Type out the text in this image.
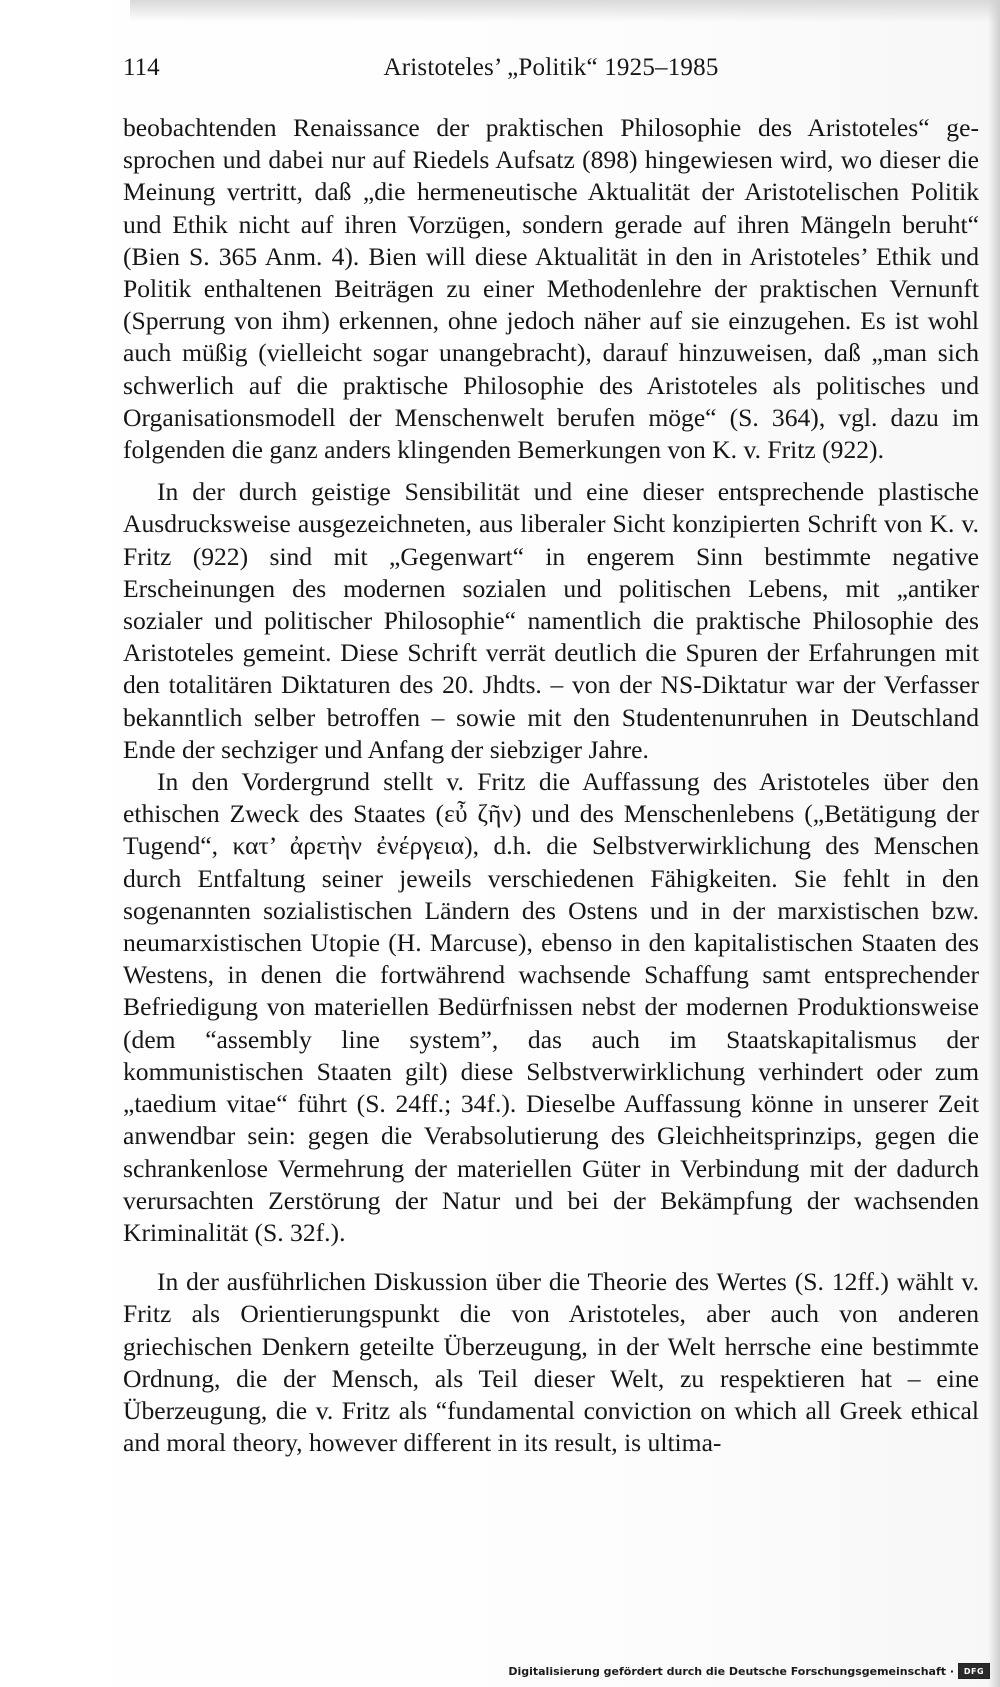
114	Aristoteles’ „Politik“ 1925–1985

beobachtenden Renaissance der praktischen Philosophie des Aristoteles“ gesprochen und dabei nur auf Riedels Aufsatz (898) hingewiesen wird, wo dieser die Meinung vertritt, daß „die hermeneutische Aktualität der Aristotelischen Politik und Ethik nicht auf ihren Vorzügen, sondern gerade auf ihren Mängeln beruht“ (Bien S. 365 Anm. 4). Bien will diese Aktualität in den in Aristoteles’ Ethik und Politik enthaltenen Beiträgen zu einer Methodenlehre der praktischen Vernunft (Sperrung von ihm) erkennen, ohne jedoch näher auf sie einzugehen. Es ist wohl auch müßig (vielleicht sogar unangebracht), darauf hinzuweisen, daß „man sich schwerlich auf die praktische Philosophie des Aristoteles als politisches und Organisationsmodell der Menschenwelt berufen möge“ (S. 364), vgl. dazu im folgenden die ganz anders klingenden Bemerkungen von K. v. Fritz (922).

In der durch geistige Sensibilität und eine dieser entsprechende plastische Ausdrucksweise ausgezeichneten, aus liberaler Sicht konzipierten Schrift von K. v. Fritz (922) sind mit „Gegenwart“ in engerem Sinn bestimmte negative Erscheinungen des modernen sozialen und politischen Lebens, mit „antiker sozialer und politischer Philosophie“ namentlich die praktische Philosophie des Aristoteles gemeint. Diese Schrift verrät deutlich die Spuren der Erfahrungen mit den totalitären Diktaturen des 20. Jhdts. – von der NS-Diktatur war der Verfasser bekanntlich selber betroffen – sowie mit den Studentenunruhen in Deutschland Ende der sechziger und Anfang der siebziger Jahre.

In den Vordergrund stellt v. Fritz die Auffassung des Aristoteles über den ethischen Zweck des Staates (εὖ ζῆν) und des Menschenlebens („Betätigung der Tugend“, κατ’ ἀρετὴν ἐνέργεια), d.h. die Selbstverwirklichung des Menschen durch Entfaltung seiner jeweils verschiedenen Fähigkeiten. Sie fehlt in den sogenannten sozialistischen Ländern des Ostens und in der marxistischen bzw. neumarxistischen Utopie (H. Marcuse), ebenso in den kapitalistischen Staaten des Westens, in denen die fortwährend wachsende Schaffung samt entsprechender Befriedigung von materiellen Bedürfnissen nebst der modernen Produktionsweise (dem “assembly line system”, das auch im Staatskapitalismus der kommunistischen Staaten gilt) diese Selbstverwirklichung verhindert oder zum „taedium vitae“ führt (S. 24ff.; 34f.). Dieselbe Auffassung könne in unserer Zeit anwendbar sein: gegen die Verabsolutierung des Gleichheitsprinzips, gegen die schrankenlose Vermehrung der materiellen Güter in Verbindung mit der dadurch verursachten Zerstörung der Natur und bei der Bekämpfung der wachsenden Kriminalität (S. 32f.).

In der ausführlichen Diskussion über die Theorie des Wertes (S. 12ff.) wählt v. Fritz als Orientierungspunkt die von Aristoteles, aber auch von anderen griechischen Denkern geteilte Überzeugung, in der Welt herrsche eine bestimmte Ordnung, die der Mensch, als Teil dieser Welt, zu respektieren hat – eine Überzeugung, die v. Fritz als “fundamental conviction on which all Greek ethical and moral theory, however different in its result, is ultima-

Digitalisierung gefördert durch die Deutsche Forschungsgemeinschaft ·	DFG
